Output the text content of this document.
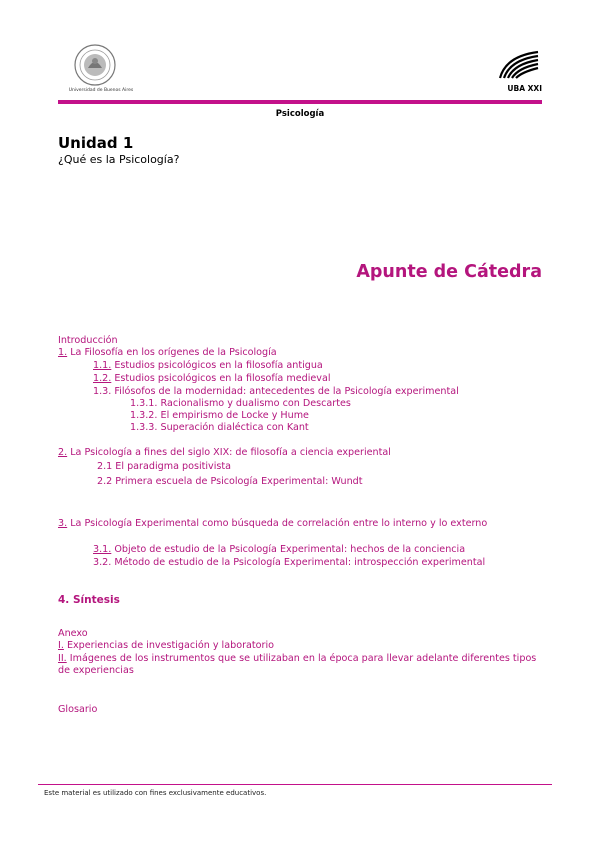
Universidad de Buenos Aires	UBA XXI
Psicología
Unidad 1
¿Qué es la Psicología?
Apunte de Cátedra
Introducción
1. La Filosofía en los orígenes de la Psicología
1.1. Estudios psicológicos en la filosofía antigua
1.2. Estudios psicológicos en la filosofía medieval
1.3. Filósofos de la modernidad: antecedentes de la Psicología experimental
1.3.1. Racionalismo y dualismo con Descartes
1.3.2. El empirismo de Locke y Hume
1.3.3. Superación dialéctica con Kant
2. La Psicología a fines del siglo XIX: de filosofía a ciencia experiental
2.1 El paradigma positivista
2.2 Primera escuela de Psicología Experimental: Wundt
3. La Psicología Experimental como búsqueda de correlación entre lo interno y lo externo
3.1. Objeto de estudio de la Psicología Experimental: hechos de la conciencia
3.2. Método de estudio de la Psicología Experimental: introspección experimental
4. Síntesis
Anexo
I. Experiencias de investigación y laboratorio
II. Imágenes de los instrumentos que se utilizaban en la época para llevar adelante diferentes tipos de experiencias
Glosario
Este material es utilizado con fines exclusivamente educativos.
